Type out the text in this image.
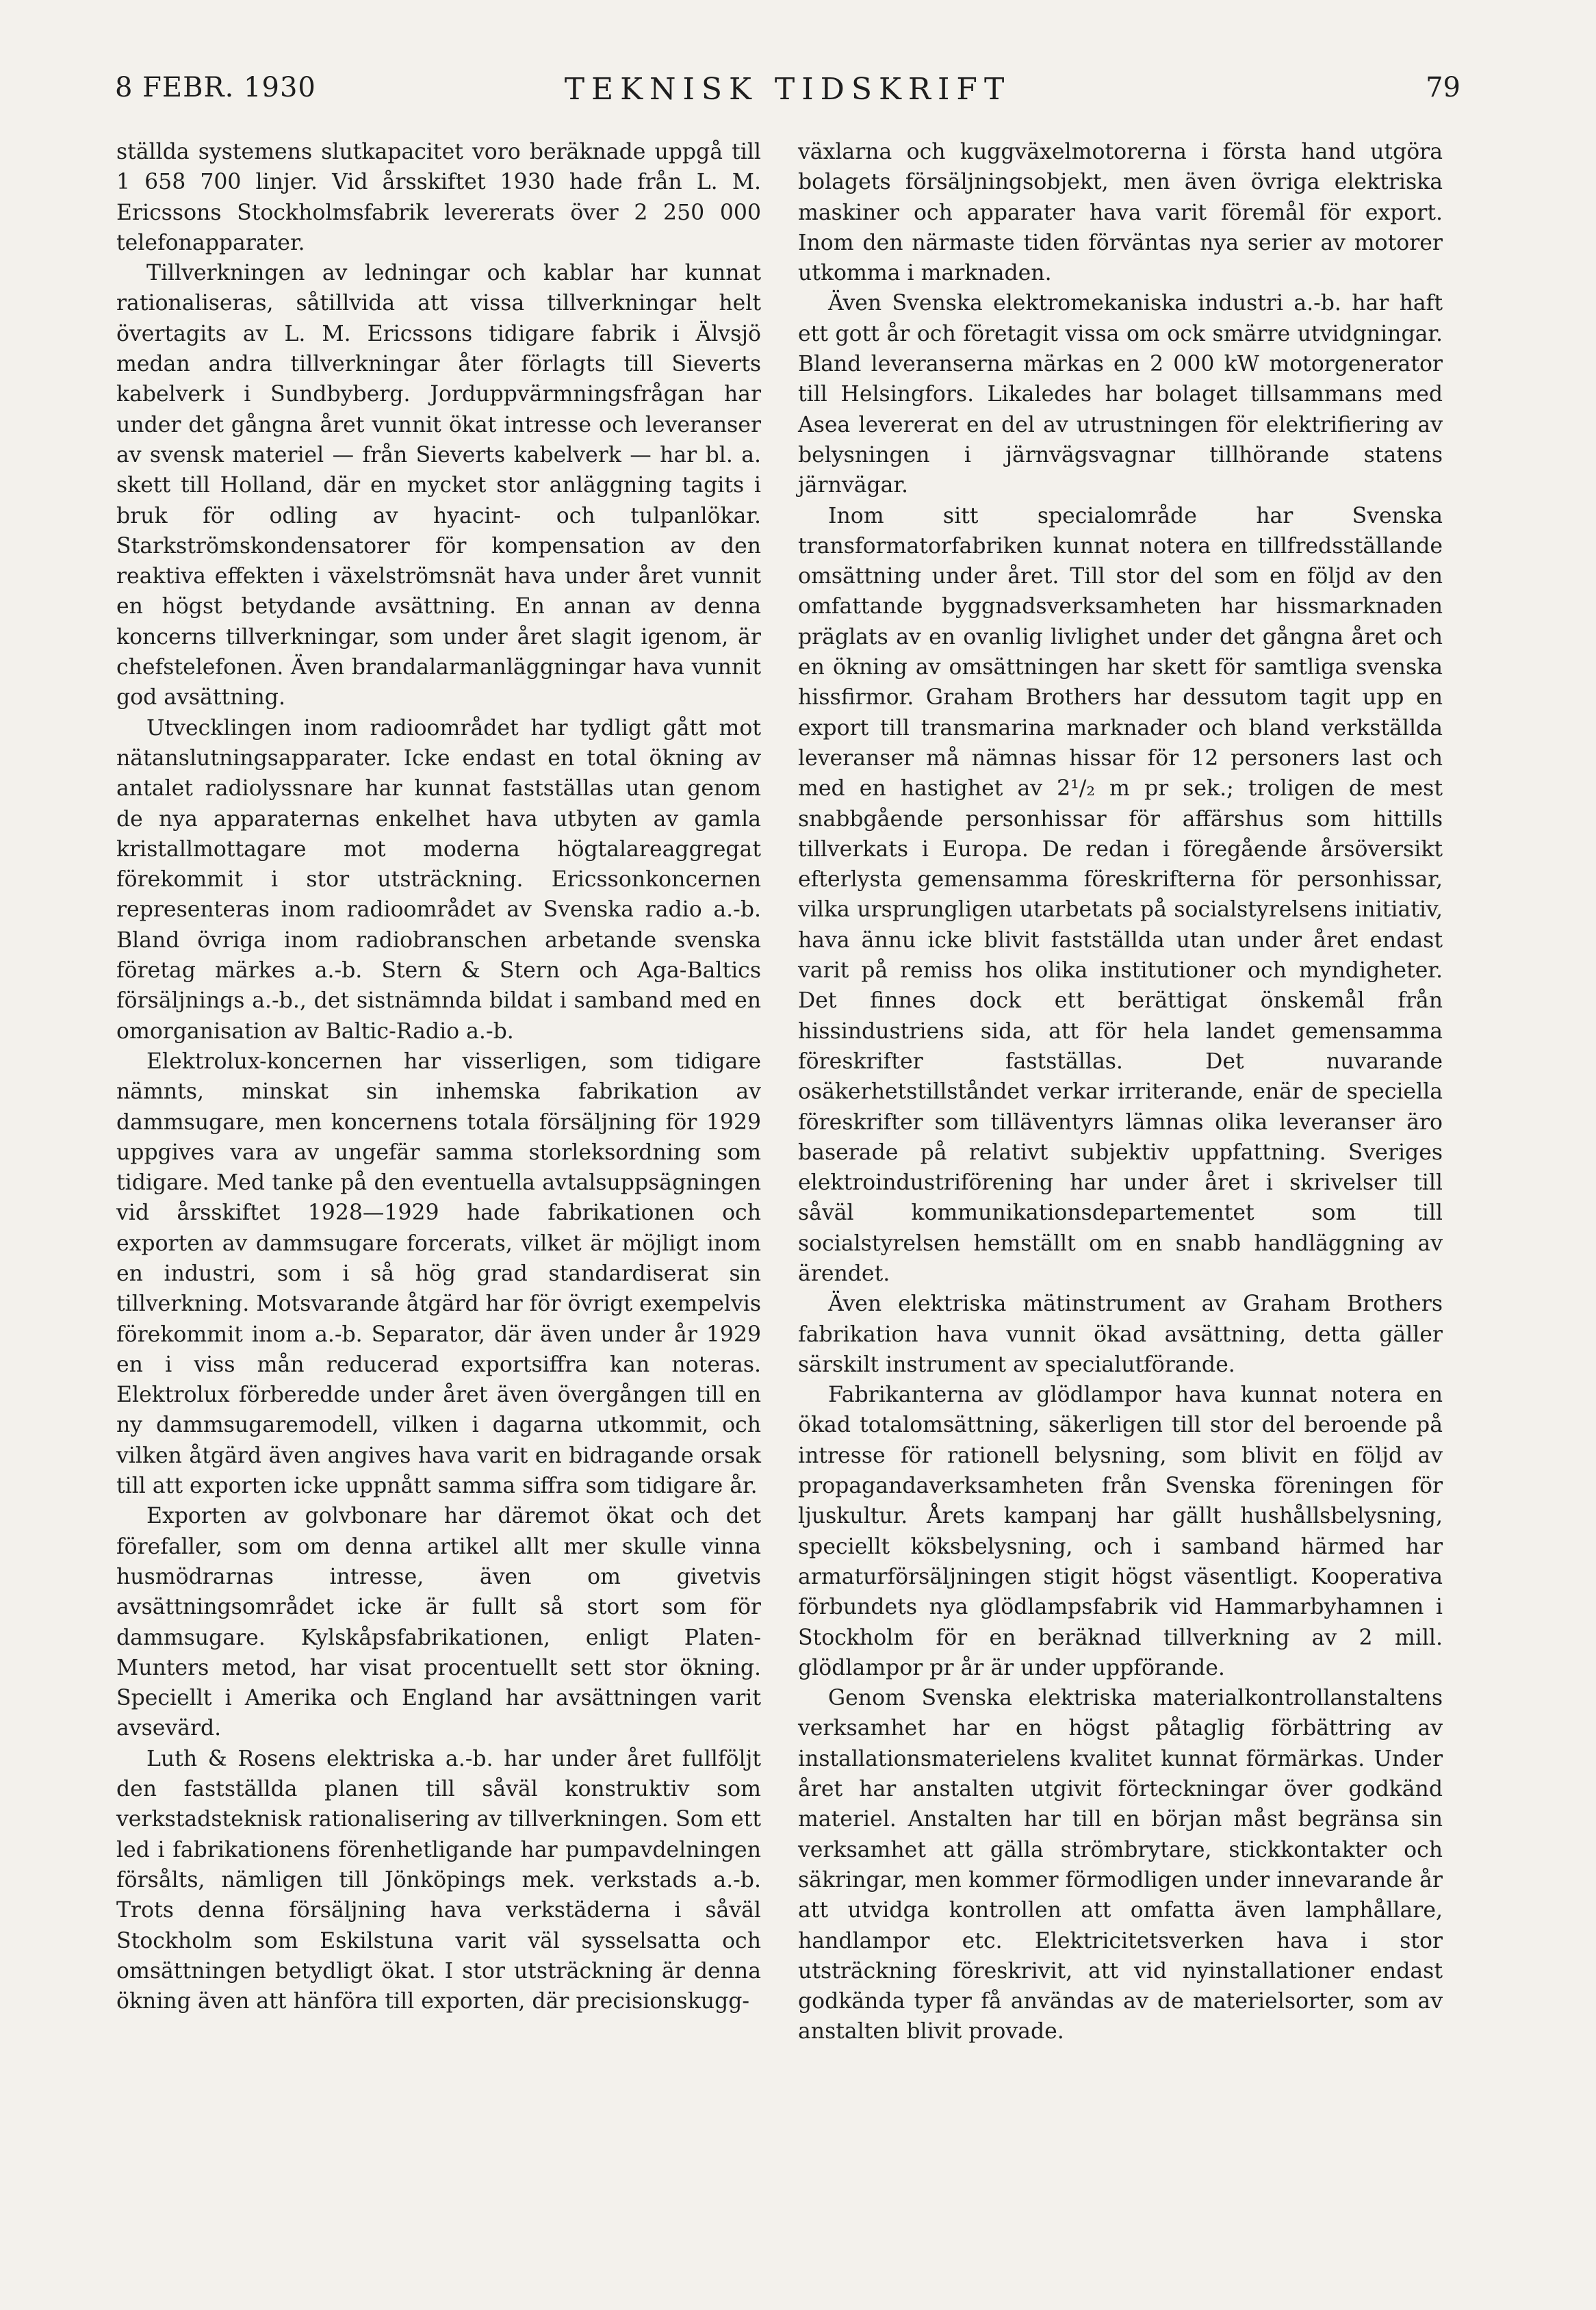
8 FEBR. 1930	TEKNISK TIDSKRIFT	79

ställda systemens slutkapacitet voro beräknade uppgå till 1 658 700 linjer. Vid årsskiftet 1930 hade från L. M. Ericssons Stockholmsfabrik levererats över 2 250 000 telefonapparater.

Tillverkningen av ledningar och kablar har kunnat rationaliseras, såtillvida att vissa tillverkningar helt övertagits av L. M. Ericssons tidigare fabrik i Älvsjö medan andra tillverkningar åter förlagts till Sieverts kabelverk i Sundbyberg. Jorduppvärmningsfrågan har under det gångna året vunnit ökat intresse och leveranser av svensk materiel — från Sieverts kabelverk — har bl. a. skett till Holland, där en mycket stor anläggning tagits i bruk för odling av hyacint- och tulpanlökar. Starkströmskondensatorer för kompensation av den reaktiva effekten i växelströmsnät hava under året vunnit en högst betydande avsättning. En annan av denna koncerns tillverkningar, som under året slagit igenom, är chefstelefonen. Även brandalarmanläggningar hava vunnit god avsättning.

Utvecklingen inom radioområdet har tydligt gått mot nätanslutningsapparater. Icke endast en total ökning av antalet radiolyssnare har kunnat fastställas utan genom de nya apparaternas enkelhet hava utbyten av gamla kristallmottagare mot moderna högtalareaggregat förekommit i stor utsträckning. Ericssonkoncernen representeras inom radioområdet av Svenska radio a.-b. Bland övriga inom radiobranschen arbetande svenska företag märkes a.-b. Stern & Stern och Aga-Baltics försäljnings a.-b., det sistnämnda bildat i samband med en omorganisation av Baltic-Radio a.-b.

Elektrolux-koncernen har visserligen, som tidigare nämnts, minskat sin inhemska fabrikation av dammsugare, men koncernens totala försäljning för 1929 uppgives vara av ungefär samma storleksordning som tidigare. Med tanke på den eventuella avtalsuppsägningen vid årsskiftet 1928—1929 hade fabrikationen och exporten av dammsugare forcerats, vilket är möjligt inom en industri, som i så hög grad standardiserat sin tillverkning. Motsvarande åtgärd har för övrigt exempelvis förekommit inom a.-b. Separator, där även under år 1929 en i viss mån reducerad exportsiffra kan noteras. Elektrolux förberedde under året även övergången till en ny dammsugaremodell, vilken i dagarna utkommit, och vilken åtgärd även angives hava varit en bidragande orsak till att exporten icke uppnått samma siffra som tidigare år.

Exporten av golvbonare har däremot ökat och det förefaller, som om denna artikel allt mer skulle vinna husmödrarnas intresse, även om givetvis avsättningsområdet icke är fullt så stort som för dammsugare. Kylskåpsfabrikationen, enligt Platen-Munters metod, har visat procentuellt sett stor ökning. Speciellt i Amerika och England har avsättningen varit avsevärd.

Luth & Rosens elektriska a.-b. har under året fullföljt den fastställda planen till såväl konstruktiv som verkstadsteknisk rationalisering av tillverkningen. Som ett led i fabrikationens förenhetligande har pumpavdelningen försålts, nämligen till Jönköpings mek. verkstads a.-b. Trots denna försäljning hava verkstäderna i såväl Stockholm som Eskilstuna varit väl sysselsatta och omsättningen betydligt ökat. I stor utsträckning är denna ökning även att hänföra till exporten, där precisionskugg-

växlarna och kuggväxelmotorerna i första hand utgöra bolagets försäljningsobjekt, men även övriga elektriska maskiner och apparater hava varit föremål för export. Inom den närmaste tiden förväntas nya serier av motorer utkomma i marknaden.

Även Svenska elektromekaniska industri a.-b. har haft ett gott år och företagit vissa om ock smärre utvidgningar. Bland leveranserna märkas en 2 000 kW motorgenerator till Helsingfors. Likaledes har bolaget tillsammans med Asea levererat en del av utrustningen för elektrifiering av belysningen i järnvägsvagnar tillhörande statens järnvägar.

Inom sitt specialområde har Svenska transformatorfabriken kunnat notera en tillfredsställande omsättning under året. Till stor del som en följd av den omfattande byggnadsverksamheten har hissmarknaden präglats av en ovanlig livlighet under det gångna året och en ökning av omsättningen har skett för samtliga svenska hissfirmor. Graham Brothers har dessutom tagit upp en export till transmarina marknader och bland verkställda leveranser må nämnas hissar för 12 personers last och med en hastighet av 2¹/₂ m pr sek.; troligen de mest snabbgående personhissar för affärshus som hittills tillverkats i Europa. De redan i föregående årsöversikt efterlysta gemensamma föreskrifterna för personhissar, vilka ursprungligen utarbetats på socialstyrelsens initiativ, hava ännu icke blivit fastställda utan under året endast varit på remiss hos olika institutioner och myndigheter. Det finnes dock ett berättigat önskemål från hissindustriens sida, att för hela landet gemensamma föreskrifter fastställas. Det nuvarande osäkerhetstillståndet verkar irriterande, enär de speciella föreskrifter som tilläventyrs lämnas olika leveranser äro baserade på relativt subjektiv uppfattning. Sveriges elektroindustriförening har under året i skrivelser till såväl kommunikationsdepartementet som till socialstyrelsen hemställt om en snabb handläggning av ärendet.

Även elektriska mätinstrument av Graham Brothers fabrikation hava vunnit ökad avsättning, detta gäller särskilt instrument av specialutförande.

Fabrikanterna av glödlampor hava kunnat notera en ökad totalomsättning, säkerligen till stor del beroende på intresse för rationell belysning, som blivit en följd av propagandaverksamheten från Svenska föreningen för ljuskultur. Årets kampanj har gällt hushållsbelysning, speciellt köksbelysning, och i samband härmed har armaturförsäljningen stigit högst väsentligt. Kooperativa förbundets nya glödlampsfabrik vid Hammarbyhamnen i Stockholm för en beräknad tillverkning av 2 mill. glödlampor pr år är under uppförande.

Genom Svenska elektriska materialkontrollanstaltens verksamhet har en högst påtaglig förbättring av installationsmaterielens kvalitet kunnat förmärkas. Under året har anstalten utgivit förteckningar över godkänd materiel. Anstalten har till en början måst begränsa sin verksamhet att gälla strömbrytare, stickkontakter och säkringar, men kommer förmodligen under innevarande år att utvidga kontrollen att omfatta även lamphållare, handlampor etc. Elektricitetsverken hava i stor utsträckning föreskrivit, att vid nyinstallationer endast godkända typer få användas av de materielsorter, som av anstalten blivit provade.
